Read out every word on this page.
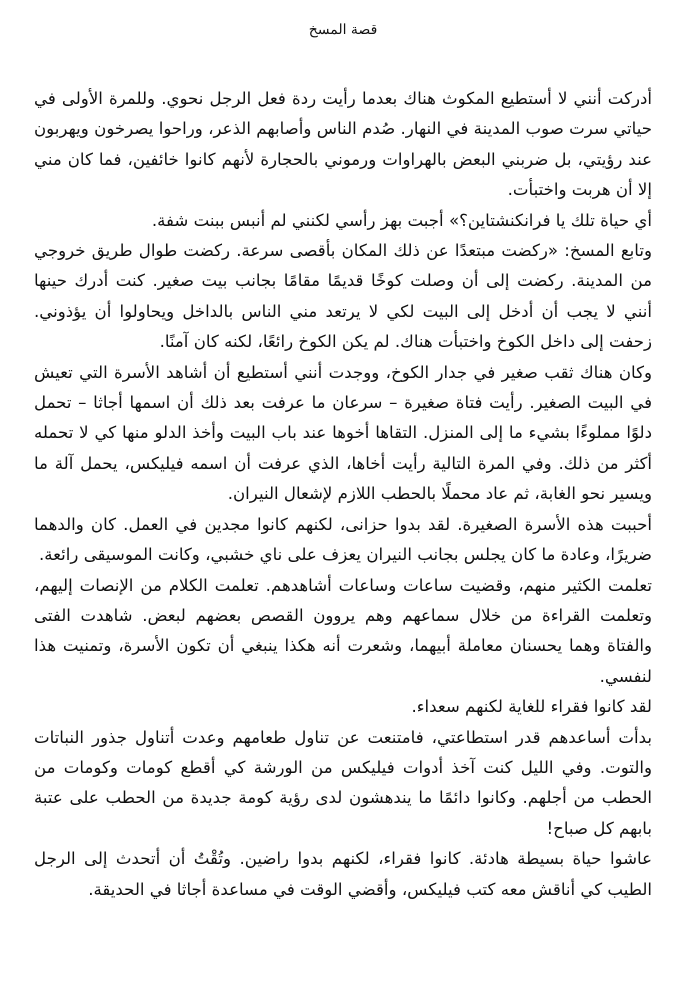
قصة المسخ

أدركت أنني لا أستطيع المكوث هناك بعدما رأيت ردة فعل الرجل نحوي. وللمرة الأولى في حياتي سرت صوب المدينة في النهار. صُدم الناس وأصابهم الذعر، وراحوا يصرخون ويهربون عند رؤيتي، بل ضربني البعض بالهراوات ورموني بالحجارة لأنهم كانوا خائفين، فما كان مني إلا أن هربت واختبأت.

أي حياة تلك يا فرانكنشتاين؟» أجبت بهز رأسي لكنني لم أنبس ببنت شفة.

وتابع المسخ: «ركضت مبتعدًا عن ذلك المكان بأقصى سرعة. ركضت طوال طريق خروجي من المدينة. ركضت إلى أن وصلت كوخًا قديمًا مقامًا بجانب بيت صغير. كنت أدرك حينها أنني لا يجب أن أدخل إلى البيت لكي لا يرتعد مني الناس بالداخل ويحاولوا أن يؤذوني. زحفت إلى داخل الكوخ واختبأت هناك. لم يكن الكوخ رائعًا، لكنه كان آمنًا.

وكان هناك ثقب صغير في جدار الكوخ، ووجدت أنني أستطيع أن أشاهد الأسرة التي تعيش في البيت الصغير. رأيت فتاة صغيرة – سرعان ما عرفت بعد ذلك أن اسمها أجاثا – تحمل دلوًا مملوءًا بشيء ما إلى المنزل. التقاها أخوها عند باب البيت وأخذ الدلو منها كي لا تحمله أكثر من ذلك. وفي المرة التالية رأيت أخاها، الذي عرفت أن اسمه فيليكس، يحمل آلة ما ويسير نحو الغابة، ثم عاد محملًا بالحطب اللازم لإشعال النيران.

أحببت هذه الأسرة الصغيرة. لقد بدوا حزانى، لكنهم كانوا مجدين في العمل. كان والدهما ضريرًا، وعادة ما كان يجلس بجانب النيران يعزف على ناي خشبي، وكانت الموسيقى رائعة.

تعلمت الكثير منهم، وقضيت ساعات وساعات أشاهدهم. تعلمت الكلام من الإنصات إليهم، وتعلمت القراءة من خلال سماعهم وهم يروون القصص بعضهم لبعض. شاهدت الفتى والفتاة وهما يحسنان معاملة أبيهما، وشعرت أنه هكذا ينبغي أن تكون الأسرة، وتمنيت هذا لنفسي.

لقد كانوا فقراء للغاية لكنهم سعداء.

بدأت أساعدهم قدر استطاعتي، فامتنعت عن تناول طعامهم وعدت أتناول جذور النباتات والتوت. وفي الليل كنت آخذ أدوات فيليكس من الورشة كي أقطع كومات وكومات من الحطب من أجلهم. وكانوا دائمًا ما يندهشون لدى رؤية كومة جديدة من الحطب على عتبة بابهم كل صباح!

عاشوا حياة بسيطة هادئة. كانوا فقراء، لكنهم بدوا راضين. وتُقْتُ أن أتحدث إلى الرجل الطيب كي أناقش معه كتب فيليكس، وأقضي الوقت في مساعدة أجاثا في الحديقة.
